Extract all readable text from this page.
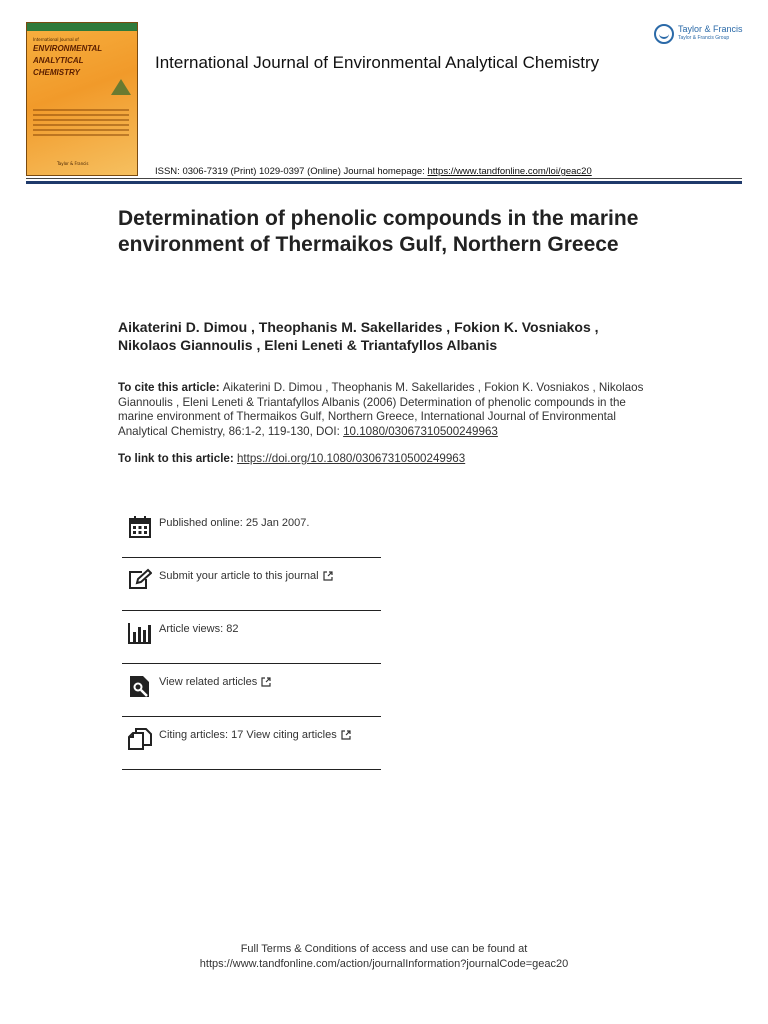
International Journal of
ENVIRONMENTAL
ANALYTICAL
CHEMISTRY
Taylor & Francis
International Journal of Environmental Analytical Chemistry
Taylor & Francis
Taylor & Francis Group
ISSN: 0306-7319 (Print) 1029-0397 (Online) Journal homepage: https://www.tandfonline.com/loi/geac20
Determination of phenolic compounds in the marine environment of Thermaikos Gulf, Northern Greece
Aikaterini D. Dimou , Theophanis M. Sakellarides , Fokion K. Vosniakos , Nikolaos Giannoulis , Eleni Leneti & Triantafyllos Albanis
To cite this article: Aikaterini D. Dimou , Theophanis M. Sakellarides , Fokion K. Vosniakos , Nikolaos Giannoulis , Eleni Leneti & Triantafyllos Albanis (2006) Determination of phenolic compounds in the marine environment of Thermaikos Gulf, Northern Greece, International Journal of Environmental Analytical Chemistry, 86:1-2, 119-130, DOI: 10.1080/03067310500249963
To link to this article: https://doi.org/10.1080/03067310500249963
Published online: 25 Jan 2007.
Submit your article to this journal
Article views: 82
View related articles
Citing articles: 17 View citing articles
Full Terms & Conditions of access and use can be found at
https://www.tandfonline.com/action/journalInformation?journalCode=geac20
